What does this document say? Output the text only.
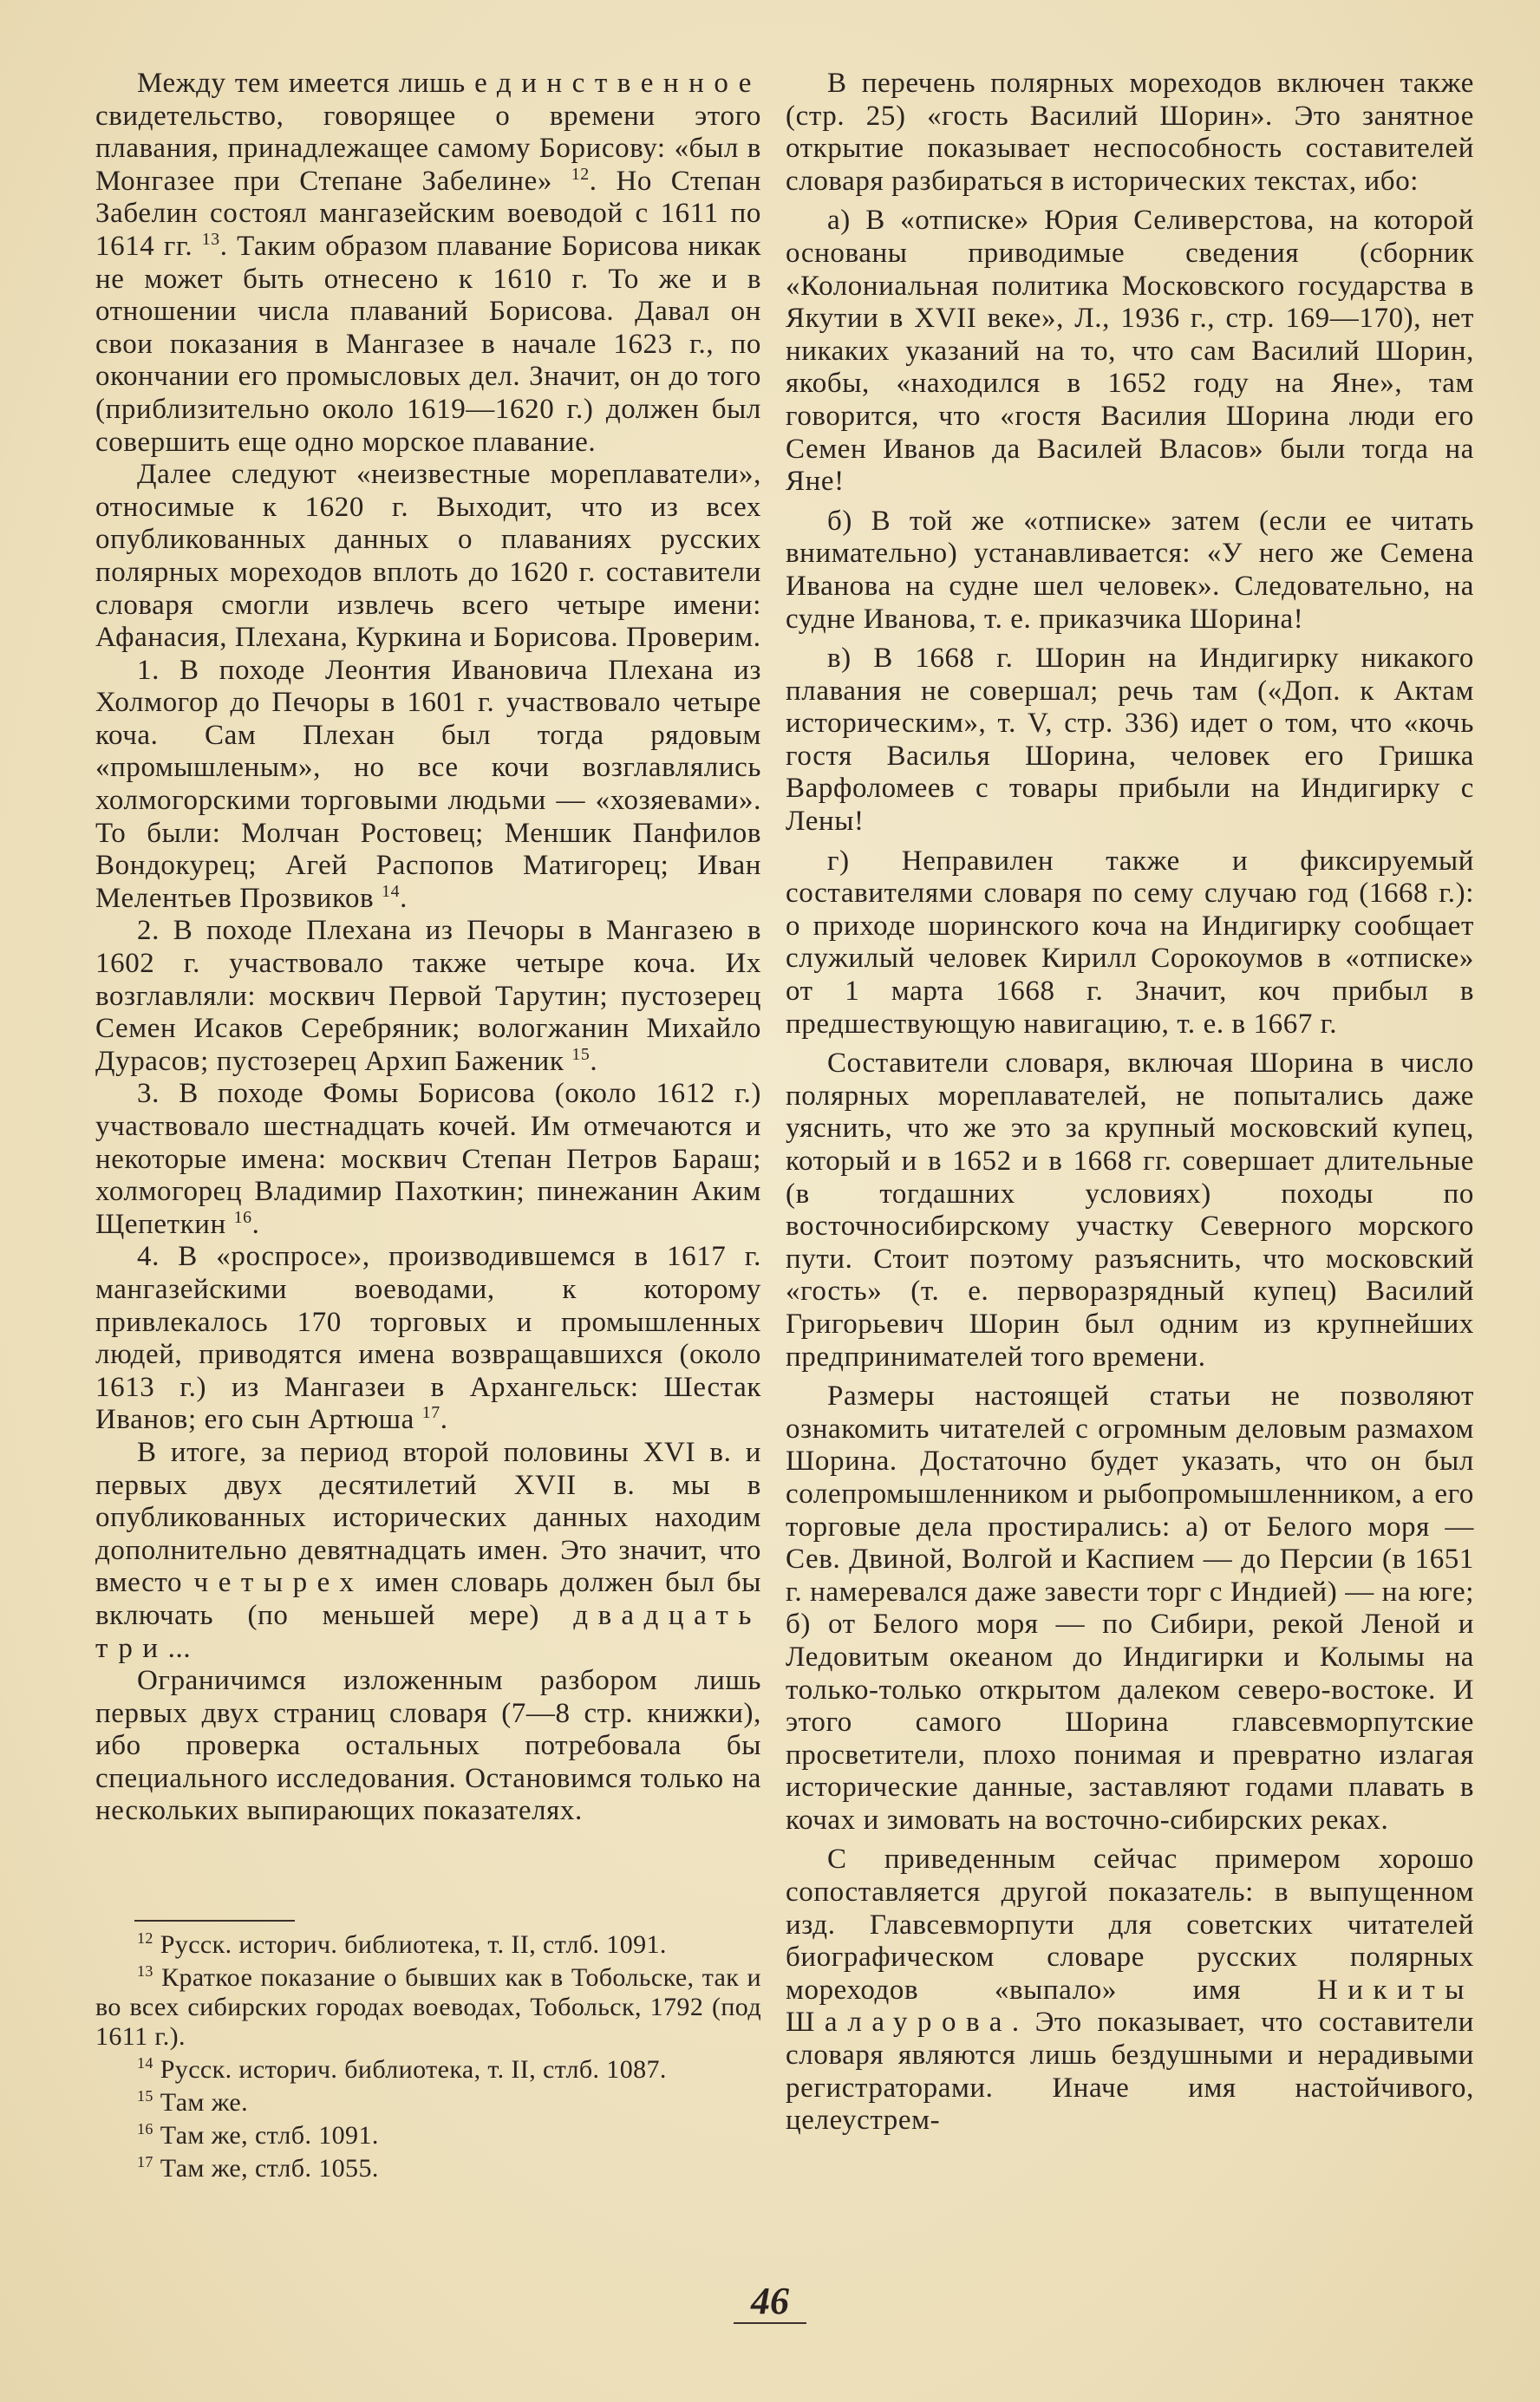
Между тем имеется лишь единственное свидетельство, говорящее о времени этого плавания, принадлежащее самому Борисову: «был в Монгазее при Степане Забелине» $^{12}$. Но Степан Забелин состоял мангазейским воеводой с 1611 по 1614 гг. $^{13}$. Таким образом плавание Борисова никак не может быть отнесено к 1610 г. То же и в отношении числа плаваний Борисова. Давал он свои показания в Мангазее в начале 1623 г., по окончании его промысловых дел. Значит, он до того (приблизительно около 1619—1620 г.) должен был совершить еще одно морское плавание.

Далее следуют «неизвестные мореплаватели», относимые к 1620 г. Выходит, что из всех опубликованных данных о плаваниях русских полярных мореходов вплоть до 1620 г. составители словаря смогли извлечь всего четыре имени: Афанасия, Плехана, Куркина и Борисова. Проверим.

1. В походе Леонтия Ивановича Плехана из Холмогор до Печоры в 1601 г. участвовало четыре коча. Сам Плехан был тогда рядовым «промышленым», но все кочи возглавлялись холмогорскими торговыми людьми — «хозяевами». То были: Молчан Ростовец; Меншик Панфилов Вондокурец; Агей Распопов Матигорец; Иван Мелентьев Прозвиков $^{14}$.

2. В походе Плехана из Печоры в Мангазею в 1602 г. участвовало также четыре коча. Их возглавляли: москвич Первой Тарутин; пустозерец Семен Исаков Серебряник; вологжанин Михайло Дурасов; пустозерец Архип Баженик $^{15}$.

3. В походе Фомы Борисова (около 1612 г.) участвовало шестнадцать кочей. Им отмечаются и некоторые имена: москвич Степан Петров Бараш; холмогорец Владимир Пахоткин; пинежанин Аким Щепеткин $^{16}$.

4. В «роспросе», производившемся в 1617 г. мангазейскими воеводами, к которому привлекалось 170 торговых и промышленных людей, приводятся имена возвращавшихся (около 1613 г.) из Мангазеи в Архангельск: Шестак Иванов; его сын Артюша $^{17}$.

В итоге, за период второй половины XVI в. и первых двух десятилетий XVII в. мы в опубликованных исторических данных находим дополнительно девятнадцать имен. Это значит, что вместо четырех имен словарь должен был бы включать (по меньшей мере) двадцать три...

Ограничимся изложенным разбором лишь первых двух страниц словаря (7—8 стр. книжки), ибо проверка остальных потребовала бы специального исследования. Остановимся только на нескольких выпирающих показателях.

$^{12}$ Русск. историч. библиотека, т. II, стлб. 1091.

$^{13}$ Краткое показание о бывших как в Тобольске, так и во всех сибирских городах воеводах, Тобольск, 1792 (под 1611 г.).

$^{14}$ Русск. историч. библиотека, т. II, стлб. 1087.

$^{15}$ Там же.

$^{16}$ Там же, стлб. 1091.

$^{17}$ Там же, стлб. 1055.

В перечень полярных мореходов включен также (стр. 25) «гость Василий Шорин». Это занятное открытие показывает неспособность составителей словаря разбираться в исторических текстах, ибо:

а) В «отписке» Юрия Селиверстова, на которой основаны приводимые сведения (сборник «Колониальная политика Московского государства в Якутии в XVII веке», Л., 1936 г., стр. 169—170), нет никаких указаний на то, что сам Василий Шорин, якобы, «находился в 1652 году на Яне», там говорится, что «гостя Василия Шорина люди его Семен Иванов да Василей Власов» были тогда на Яне!

б) В той же «отписке» затем (если ее читать внимательно) устанавливается: «У него же Семена Иванова на судне шел человек». Следовательно, на судне Иванова, т. е. приказчика Шорина!

в) В 1668 г. Шорин на Индигирку никакого плавания не совершал; речь там («Доп. к Актам историческим», т. V, стр. 336) идет о том, что «кочь гостя Василья Шорина, человек его Гришка Варфоломеев с товары прибыли на Индигирку с Лены!

г) Неправилен также и фиксируемый составителями словаря по сему случаю год (1668 г.): о приходе шоринского коча на Индигирку сообщает служилый человек Кирилл Сорокоумов в «отписке» от 1 марта 1668 г. Значит, коч прибыл в предшествующую навигацию, т. е. в 1667 г.

Составители словаря, включая Шорина в число полярных мореплавателей, не попытались даже уяснить, что же это за крупный московский купец, который и в 1652 и в 1668 гг. совершает длительные (в тогдашних условиях) походы по восточносибирскому участку Северного морского пути. Стоит поэтому разъяснить, что московский «гость» (т. е. перворазрядный купец) Василий Григорьевич Шорин был одним из крупнейших предпринимателей того времени.

Размеры настоящей статьи не позволяют ознакомить читателей с огромным деловым размахом Шорина. Достаточно будет указать, что он был солепромышленником и рыбопромышленником, а его торговые дела простирались: а) от Белого моря — Сев. Двиной, Волгой и Каспием — до Персии (в 1651 г. намеревался даже завести торг с Индией) — на юге; б) от Белого моря — по Сибири, рекой Леной и Ледовитым океаном до Индигирки и Колымы на только-только открытом далеком северо-востоке. И этого самого Шорина главсевморпутские просветители, плохо понимая и превратно излагая исторические данные, заставляют годами плавать в кочах и зимовать на восточно-сибирских реках.

С приведенным сейчас примером хорошо сопоставляется другой показатель: в выпущенном изд. Главсевморпути для советских читателей биографическом словаре русских полярных мореходов «выпало» имя Никиты Шалаурова. Это показывает, что составители словаря являются лишь бездушными и нерадивыми регистраторами. Иначе имя настойчивого, целеустрем-

46
